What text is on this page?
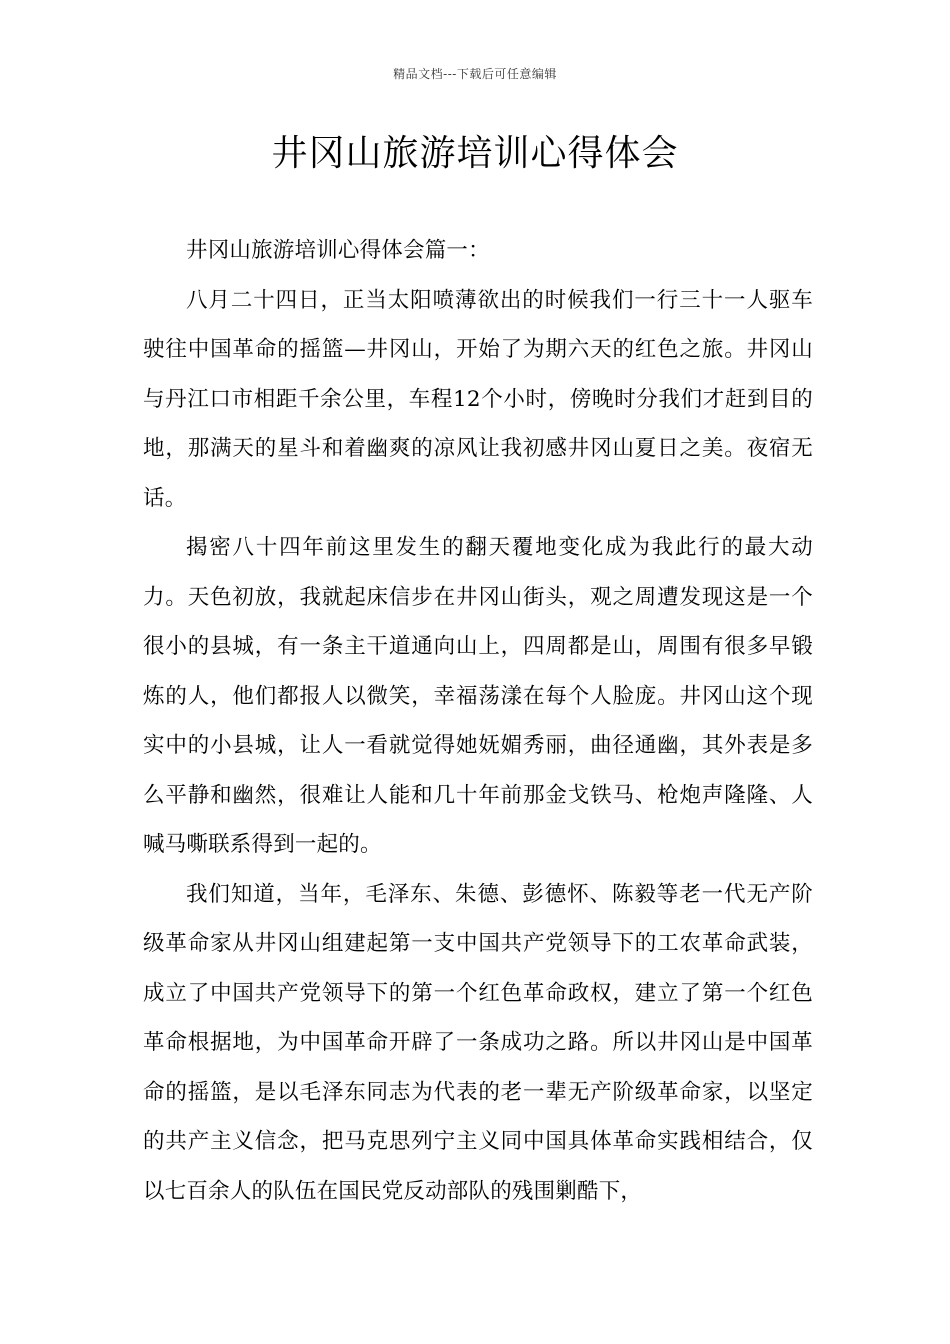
精品文档---下载后可任意编辑
井冈山旅游培训心得体会

井冈山旅游培训心得体会篇一：

八月二十四日，正当太阳喷薄欲出的时候我们一行三十一人驱车驶往中国革命的摇篮—井冈山，开始了为期六天的红色之旅。井冈山与丹江口市相距千余公里，车程12个小时，傍晚时分我们才赶到目的地，那满天的星斗和着幽爽的凉风让我初感井冈山夏日之美。夜宿无话。

揭密八十四年前这里发生的翻天覆地变化成为我此行的最大动力。天色初放，我就起床信步在井冈山街头，观之周遭发现这是一个很小的县城，有一条主干道通向山上，四周都是山，周围有很多早锻炼的人，他们都报人以微笑，幸福荡漾在每个人脸庞。井冈山这个现实中的小县城，让人一看就觉得她妩媚秀丽，曲径通幽，其外表是多么平静和幽然，很难让人能和几十年前那金戈铁马、枪炮声隆隆、人喊马嘶联系得到一起的。

我们知道，当年，毛泽东、朱德、彭德怀、陈毅等老一代无产阶级革命家从井冈山组建起第一支中国共产党领导下的工农革命武装，成立了中国共产党领导下的第一个红色革命政权，建立了第一个红色革命根据地，为中国革命开辟了一条成功之路。所以井冈山是中国革命的摇篮，是以毛泽东同志为代表的老一辈无产阶级革命家，以坚定的共产主义信念，把马克思列宁主义同中国具体革命实践相结合，仅以七百余人的队伍在国民党反动部队的残围剿酷下，
